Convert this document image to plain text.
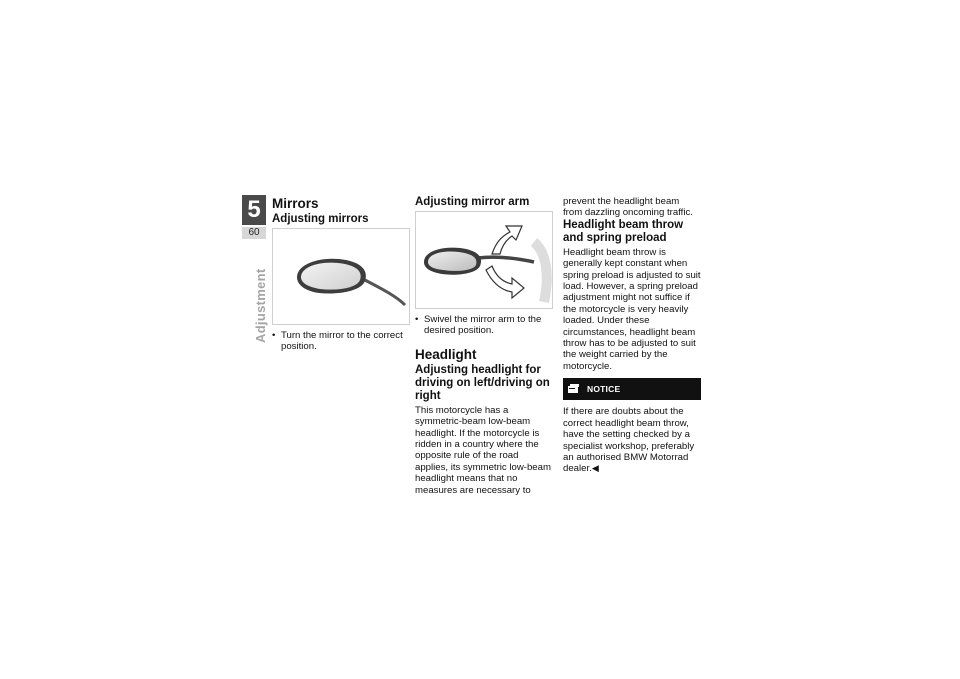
5
60
Adjustment
Mirrors
Adjusting mirrors

• Turn the mirror to the correct position.

Adjusting mirror arm

• Swivel the mirror arm to the desired position.

Headlight
Adjusting headlight for driving on left/driving on right

This motorcycle has a symmetric-beam low-beam headlight. If the motorcycle is ridden in a country where the opposite rule of the road applies, its symmetric low-beam headlight means that no measures are necessary to

prevent the headlight beam from dazzling oncoming traffic.

Headlight beam throw and spring preload

Headlight beam throw is generally kept constant when spring preload is adjusted to suit load. However, a spring preload adjustment might not suffice if the motorcycle is very heavily loaded. Under these circumstances, headlight beam throw has to be adjusted to suit the weight carried by the motorcycle.

NOTICE

If there are doubts about the correct headlight beam throw, have the setting checked by a specialist workshop, preferably an authorised BMW Motorrad dealer.◀
